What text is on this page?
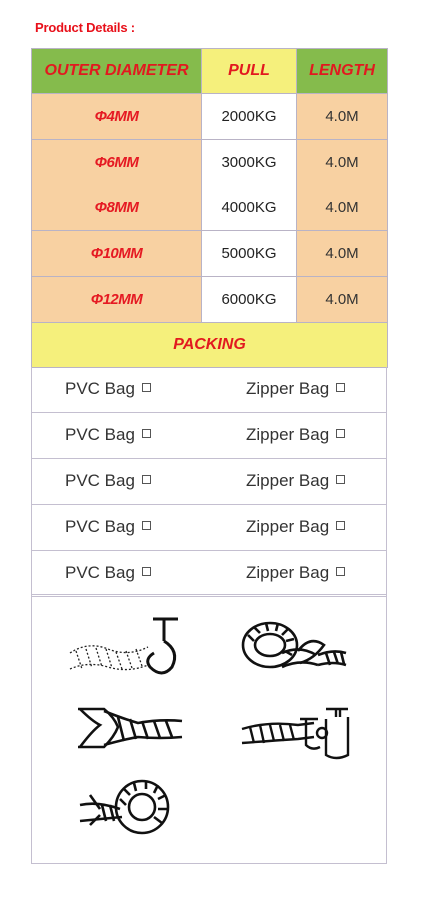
Product Details :
OUTER DIAMETER	PULL	LENGTH
Φ4MM	2000KG	4.0M
Φ6MM	3000KG	4.0M
Φ8MM	4000KG	4.0M
Φ10MM	5000KG	4.0M
Φ12MM	6000KG	4.0M
PACKING		
PVC Bag	Zipper Bag
PVC Bag	Zipper Bag
PVC Bag	Zipper Bag
PVC Bag	Zipper Bag
PVC Bag	Zipper Bag
